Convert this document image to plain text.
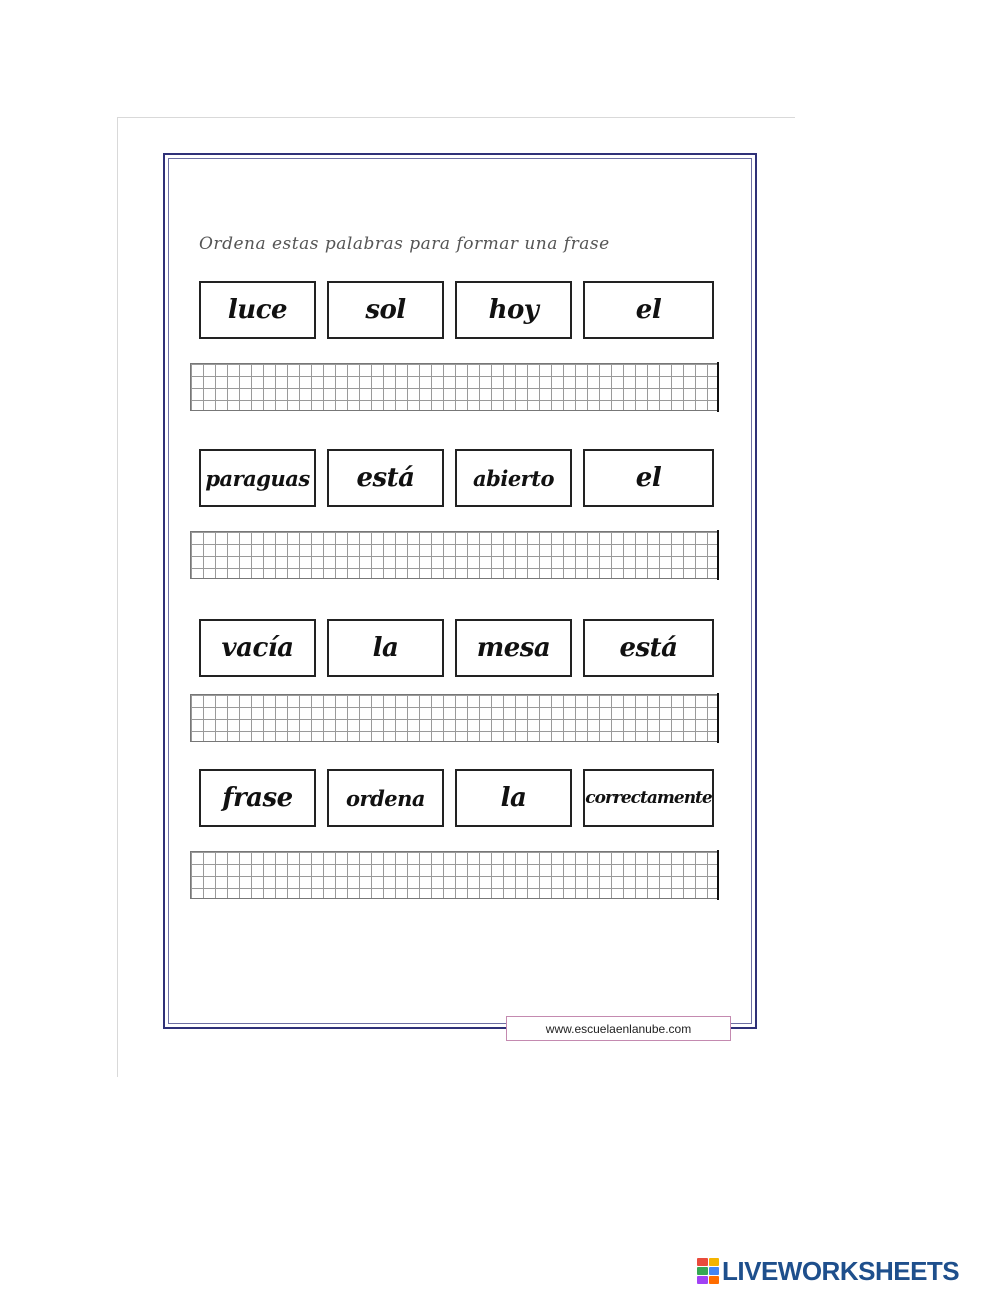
Ordena estas palabras para formar una frase
luce	sol	hoy	el
paraguas está	abierto	el
vacía	la	mesa	está
frase	ordena	la	correctamente
www.escuelaenlanube.com
LIVEWORKSHEETS
